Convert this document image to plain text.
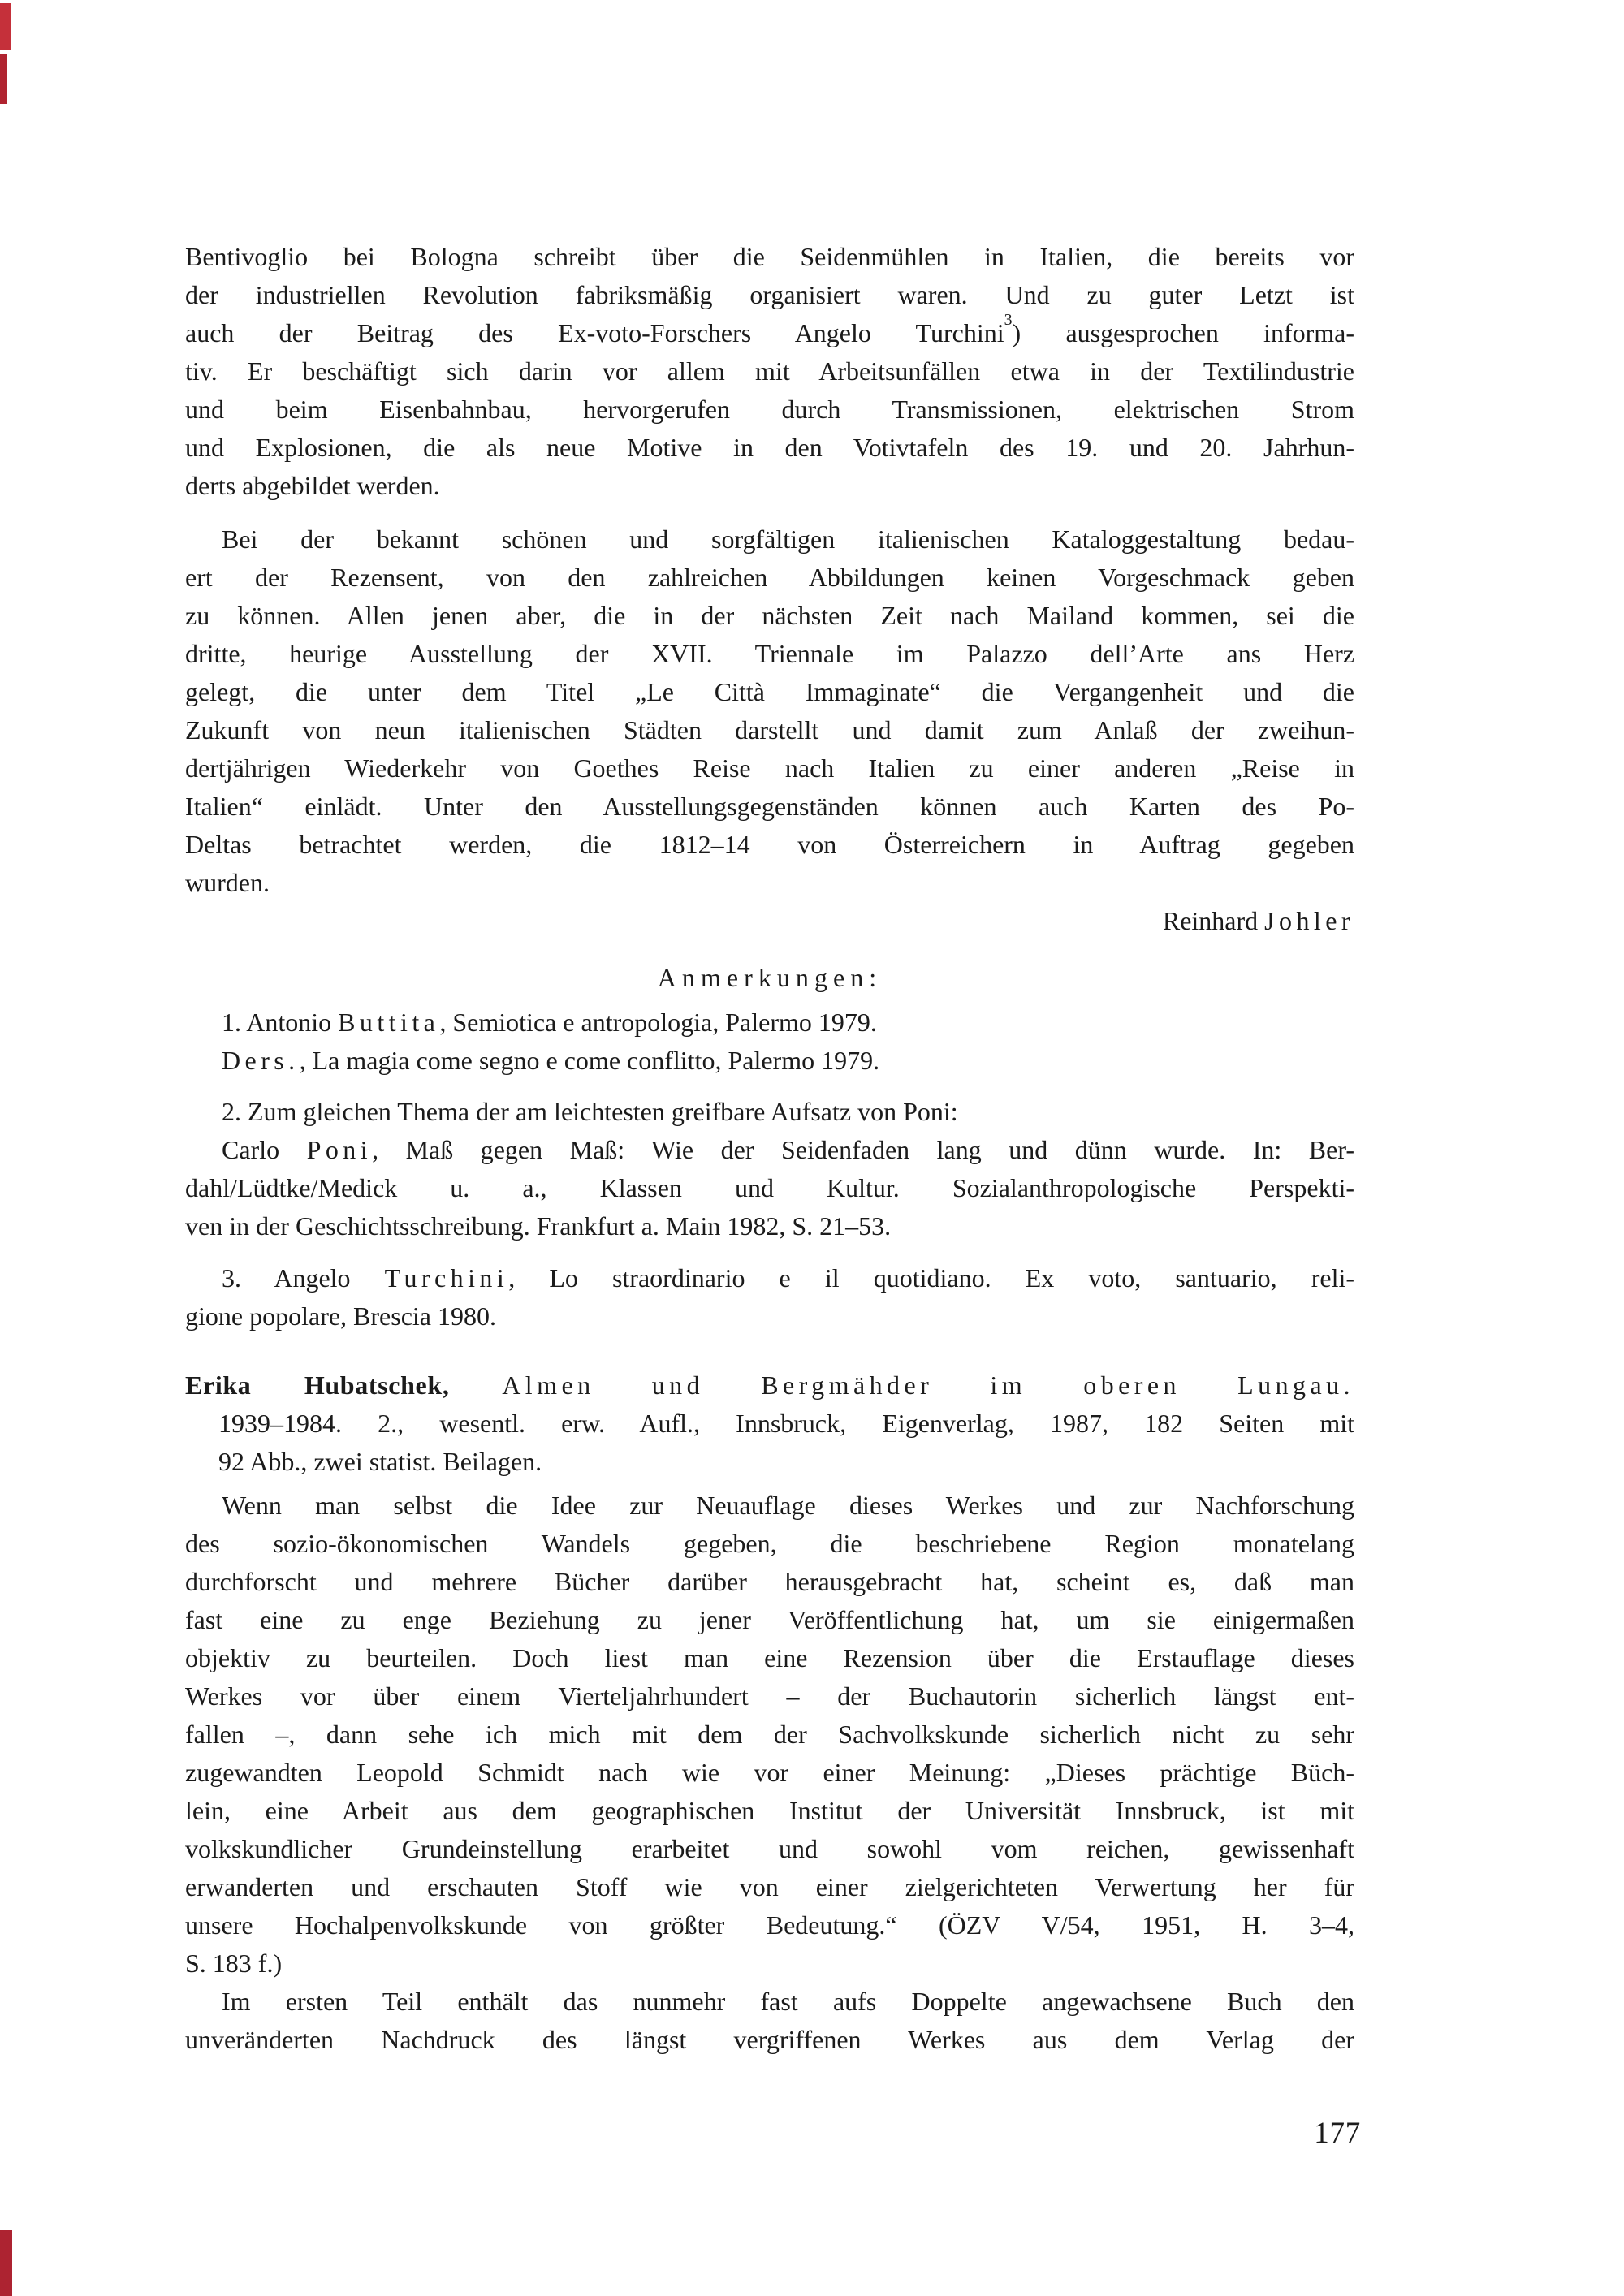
Bentivoglio bei Bologna schreibt über die Seidenmühlen in Italien, die bereits vor
der industriellen Revolution fabriksmäßig organisiert waren. Und zu guter Letzt ist
auch der Beitrag des Ex-voto-Forschers Angelo Turchini$^3$) ausgesprochen informa-
tiv. Er beschäftigt sich darin vor allem mit Arbeitsunfällen etwa in der Textilindustrie
und beim Eisenbahnbau, hervorgerufen durch Transmissionen, elektrischen Strom
und Explosionen, die als neue Motive in den Votivtafeln des 19. und 20. Jahrhun-
derts abgebildet werden.
Bei der bekannt schönen und sorgfältigen italienischen Kataloggestaltung bedau-
ert der Rezensent, von den zahlreichen Abbildungen keinen Vorgeschmack geben
zu können. Allen jenen aber, die in der nächsten Zeit nach Mailand kommen, sei die
dritte, heurige Ausstellung der XVII. Triennale im Palazzo dell’Arte ans Herz
gelegt, die unter dem Titel „Le Città Immaginate“ die Vergangenheit und die
Zukunft von neun italienischen Städten darstellt und damit zum Anlaß der zweihun-
dertjährigen Wiederkehr von Goethes Reise nach Italien zu einer anderen „Reise in
Italien“ einlädt. Unter den Ausstellungsgegenständen können auch Karten des Po-
Deltas betrachtet werden, die 1812–14 von Österreichern in Auftrag gegeben
wurden.
Reinhard Johler
Anmerkungen:
1. Antonio Buttita, Semiotica e antropologia, Palermo 1979.
Ders., La magia come segno e come conflitto, Palermo 1979.
2. Zum gleichen Thema der am leichtesten greifbare Aufsatz von Poni:
Carlo Poni, Maß gegen Maß: Wie der Seidenfaden lang und dünn wurde. In: Ber-
dahl/Lüdtke/Medick u. a., Klassen und Kultur. Sozialanthropologische Perspekti-
ven in der Geschichtsschreibung. Frankfurt a. Main 1982, S. 21–53.
3. Angelo Turchini, Lo straordinario e il quotidiano. Ex voto, santuario, reli-
gione popolare, Brescia 1980.
Erika Hubatschek, Almen und Bergmähder im oberen Lungau.
1939–1984. 2., wesentl. erw. Aufl., Innsbruck, Eigenverlag, 1987, 182 Seiten mit
92 Abb., zwei statist. Beilagen.
Wenn man selbst die Idee zur Neuauflage dieses Werkes und zur Nachforschung
des sozio-ökonomischen Wandels gegeben, die beschriebene Region monatelang
durchforscht und mehrere Bücher darüber herausgebracht hat, scheint es, daß man
fast eine zu enge Beziehung zu jener Veröffentlichung hat, um sie einigermaßen
objektiv zu beurteilen. Doch liest man eine Rezension über die Erstauflage dieses
Werkes vor über einem Vierteljahrhundert – der Buchautorin sicherlich längst ent-
fallen –, dann sehe ich mich mit dem der Sachvolkskunde sicherlich nicht zu sehr
zugewandten Leopold Schmidt nach wie vor einer Meinung: „Dieses prächtige Büch-
lein, eine Arbeit aus dem geographischen Institut der Universität Innsbruck, ist mit
volkskundlicher Grundeinstellung erarbeitet und sowohl vom reichen, gewissenhaft
erwanderten und erschauten Stoff wie von einer zielgerichteten Verwertung her für
unsere Hochalpenvolkskunde von größter Bedeutung.“ (ÖZV V/54, 1951, H. 3–4,
S. 183 f.)
Im ersten Teil enthält das nunmehr fast aufs Doppelte angewachsene Buch den
unveränderten Nachdruck des längst vergriffenen Werkes aus dem Verlag der
177
